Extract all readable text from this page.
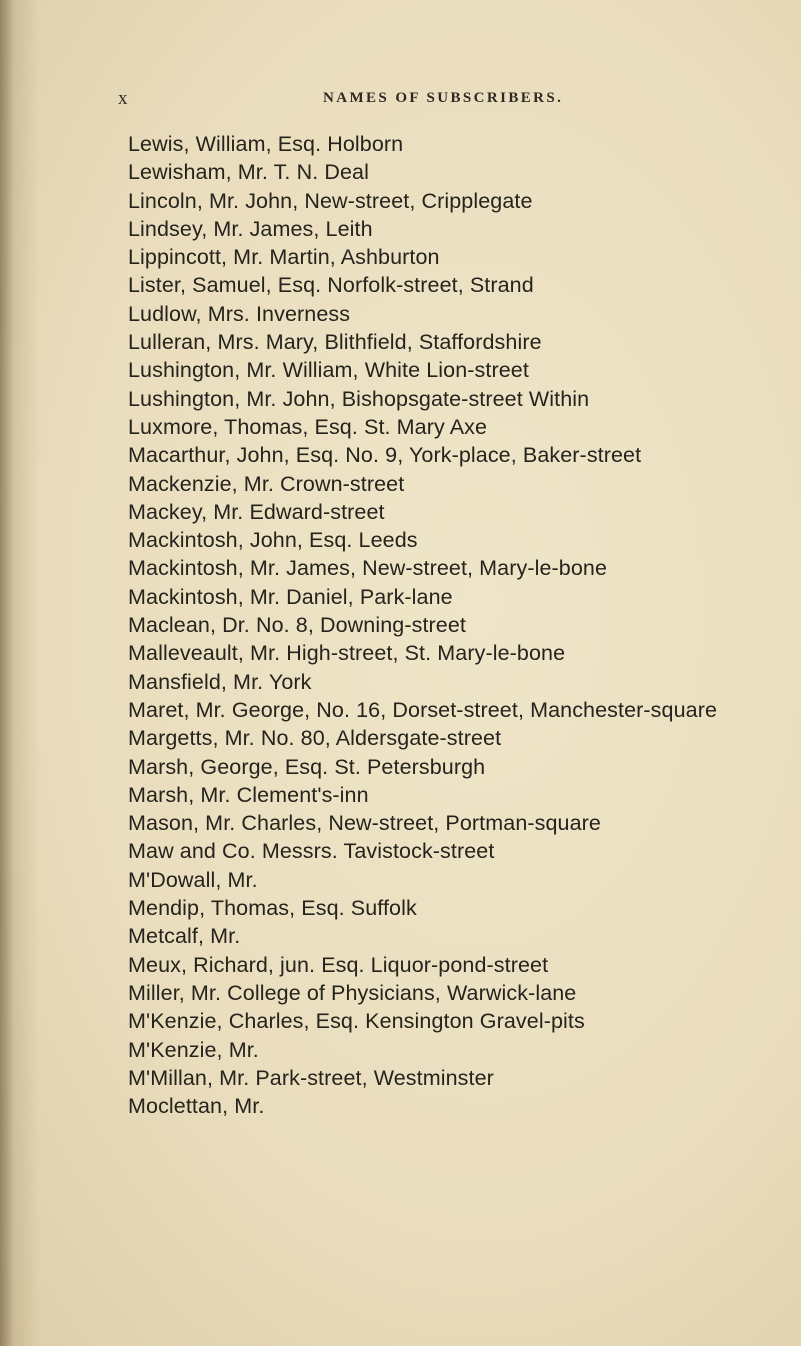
x	NAMES OF SUBSCRIBERS.
Lewis, William, Esq. Holborn
Lewisham, Mr. T. N. Deal
Lincoln, Mr. John, New-street, Cripplegate
Lindsey, Mr. James, Leith
Lippincott, Mr. Martin, Ashburton
Lister, Samuel, Esq. Norfolk-street, Strand
Ludlow, Mrs. Inverness
Lulleran, Mrs. Mary, Blithfield, Staffordshire
Lushington, Mr. William, White Lion-street
Lushington, Mr. John, Bishopsgate-street Within
Luxmore, Thomas, Esq. St. Mary Axe
Macarthur, John, Esq. No. 9, York-place, Baker-street
Mackenzie, Mr. Crown-street
Mackey, Mr. Edward-street
Mackintosh, John, Esq. Leeds
Mackintosh, Mr. James, New-street, Mary-le-bone
Mackintosh, Mr. Daniel, Park-lane
Maclean, Dr. No. 8, Downing-street
Malleveault, Mr. High-street, St. Mary-le-bone
Mansfield, Mr. York
Maret, Mr. George, No. 16, Dorset-street, Manchester-square
Margetts, Mr. No. 80, Aldersgate-street
Marsh, George, Esq. St. Petersburgh
Marsh, Mr. Clement's-inn
Mason, Mr. Charles, New-street, Portman-square
Maw and Co. Messrs. Tavistock-street
M'Dowall, Mr.
Mendip, Thomas, Esq. Suffolk
Metcalf, Mr.
Meux, Richard, jun. Esq. Liquor-pond-street
Miller, Mr. College of Physicians, Warwick-lane
M'Kenzie, Charles, Esq. Kensington Gravel-pits
M'Kenzie, Mr.
M'Millan, Mr. Park-street, Westminster
Moclettan, Mr.
